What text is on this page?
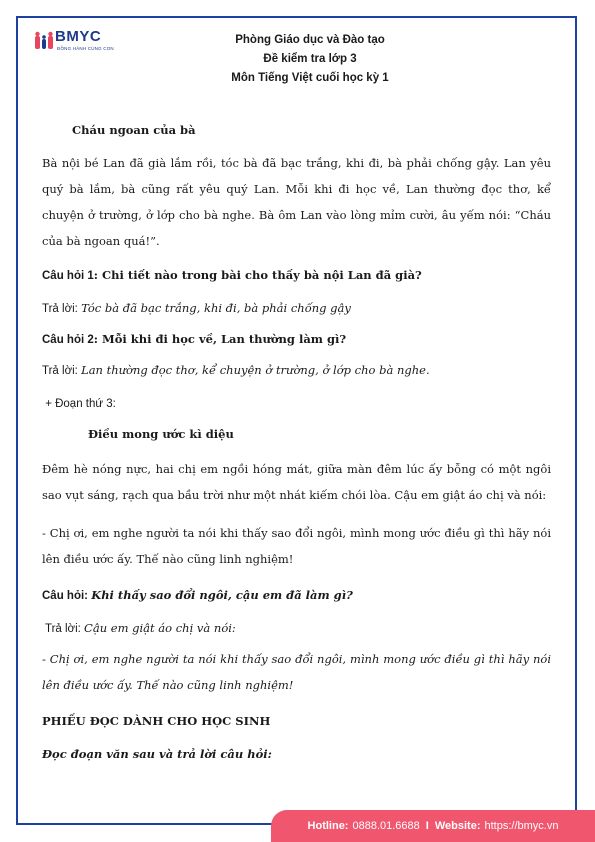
BMYC
ĐỒNG HÀNH CÙNG CON
Phòng Giáo dục và Đào tạo
Đề kiểm tra lớp 3
Môn Tiếng Việt cuối học kỳ 1
Cháu ngoan của bà
Bà nội bé Lan đã già lắm rồi, tóc bà đã bạc trắng, khi đi, bà phải chống gậy. Lan yêu quý bà lắm, bà cũng rất yêu quý Lan. Mỗi khi đi học về, Lan thường đọc thơ, kể chuyện ở trường, ở lớp cho bà nghe. Bà ôm Lan vào lòng mỉm cười, âu yếm nói: “Cháu của bà ngoan quá!”.
Câu hỏi 1: Chi tiết nào trong bài cho thấy bà nội Lan đã già?
Trả lời: Tóc bà đã bạc trắng, khi đi, bà phải chống gậy
Câu hỏi 2: Mỗi khi đi học về, Lan thường làm gì?
Trả lời: Lan thường đọc thơ, kể chuyện ở trường, ở lớp cho bà nghe.
+ Đoạn thứ 3:
Điều mong ước kì diệu
Đêm hè nóng nực, hai chị em ngồi hóng mát, giữa màn đêm lúc ấy bỗng có một ngôi sao vụt sáng, rạch qua bầu trời như một nhát kiếm chói lòa. Cậu em giật áo chị và nói:
- Chị ơi, em nghe người ta nói khi thấy sao đổi ngôi, mình mong ước điều gì thì hãy nói lên điều ước ấy. Thế nào cũng linh nghiệm!
Câu hỏi: Khi thấy sao đổi ngôi, cậu em đã làm gì?
Trả lời: Cậu em giật áo chị và nói:
- Chị ơi, em nghe người ta nói khi thấy sao đổi ngôi, mình mong ước điều gì thì hãy nói lên điều ước ấy. Thế nào cũng linh nghiệm!
PHIẾU ĐỌC DÀNH CHO HỌC SINH
Đọc đoạn văn sau và trả lời câu hỏi:
Hotline: 0888.01.6688 I Website: https://bmyc.vn
